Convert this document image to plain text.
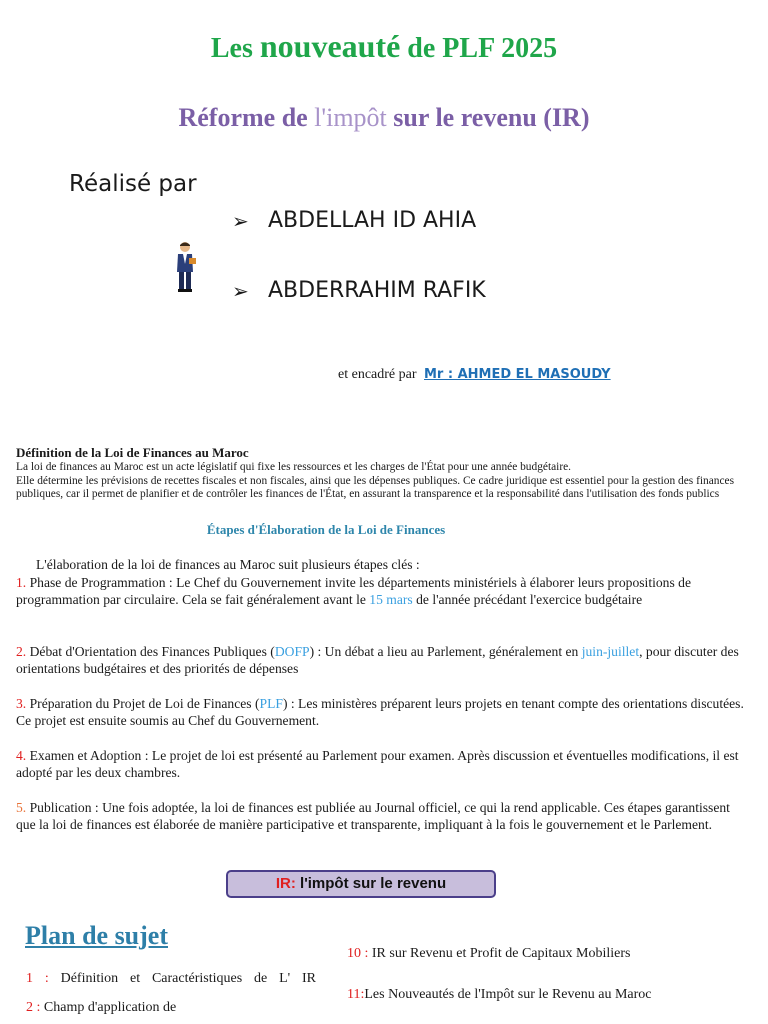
Les nouveauté de PLF 2025
Réforme de l'impôt sur le revenu (IR)
Réalisé par
➢ ABDELLAH ID AHIA
➢ ABDERRAHIM RAFIK
et encadré par Mr : AHMED EL MASOUDY
Définition de la Loi de Finances au Maroc
La loi de finances au Maroc est un acte législatif qui fixe les ressources et les charges de l'État pour une année budgétaire.
Elle détermine les prévisions de recettes fiscales et non fiscales, ainsi que les dépenses publiques. Ce cadre juridique est essentiel pour la gestion des finances publiques, car il permet de planifier et de contrôler les finances de l'État, en assurant la transparence et la responsabilité dans l'utilisation des fonds publics
Étapes d'Élaboration de la Loi de Finances
L'élaboration de la loi de finances au Maroc suit plusieurs étapes clés :
1. Phase de Programmation : Le Chef du Gouvernement invite les départements ministériels à élaborer leurs propositions de programmation par circulaire. Cela se fait généralement avant le 15 mars de l'année précédant l'exercice budgétaire
2. Débat d'Orientation des Finances Publiques (DOFP) : Un débat a lieu au Parlement, généralement en juin-juillet, pour discuter des orientations budgétaires et des priorités de dépenses
3. Préparation du Projet de Loi de Finances (PLF) : Les ministères préparent leurs projets en tenant compte des orientations discutées. Ce projet est ensuite soumis au Chef du Gouvernement.
4. Examen et Adoption : Le projet de loi est présenté au Parlement pour examen. Après discussion et éventuelles modifications, il est adopté par les deux chambres.
5. Publication : Une fois adoptée, la loi de finances est publiée au Journal officiel, ce qui la rend applicable. Ces étapes garantissent que la loi de finances est élaborée de manière participative et transparente, impliquant à la fois le gouvernement et le Parlement.
IR: l'impôt sur le revenu
Plan de sujet
1 : Définition et Caractéristiques de L' IR
2 : Champ d'application de
10 : IR sur Revenu et Profit de Capitaux Mobiliers
11:Les Nouveautés de l'Impôt sur le Revenu au Maroc
